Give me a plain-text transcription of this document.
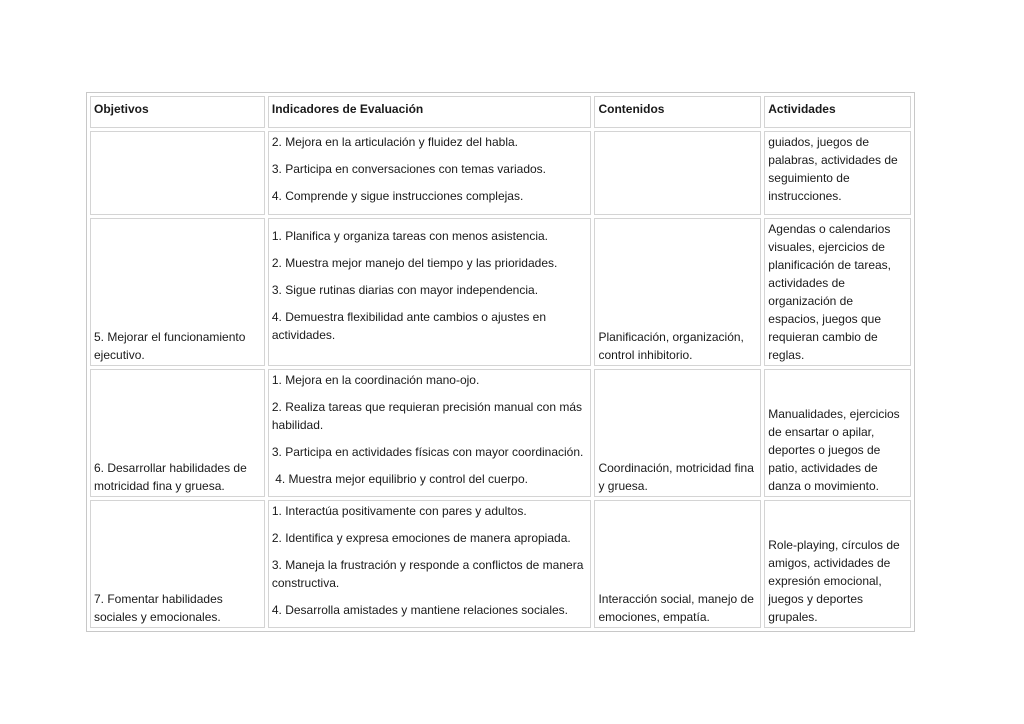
Objetivos	Indicadores de Evaluación	Contenidos	Actividades

	2. Mejora en la articulación y fluidez del habla.
3. Participa en conversaciones con temas variados.
4. Comprende y sigue instrucciones complejas.		guiados, juegos de palabras, actividades de seguimiento de instrucciones.
5. Mejorar el funcionamiento ejecutivo.	1. Planifica y organiza tareas con menos asistencia.
2. Muestra mejor manejo del tiempo y las prioridades.
3. Sigue rutinas diarias con mayor independencia.
4. Demuestra flexibilidad ante cambios o ajustes en actividades.	Planificación, organización, control inhibitorio.	Agendas o calendarios visuales, ejercicios de planificación de tareas, actividades de organización de espacios, juegos que requieran cambio de reglas.
6. Desarrollar habilidades de motricidad fina y gruesa.	1. Mejora en la coordinación mano-ojo.
2. Realiza tareas que requieran precisión manual con más habilidad.
3. Participa en actividades físicas con mayor coordinación.
4. Muestra mejor equilibrio y control del cuerpo.	Coordinación, motricidad fina y gruesa.	Manualidades, ejercicios de ensartar o apilar, deportes o juegos de patio, actividades de danza o movimiento.
7. Fomentar habilidades sociales y emocionales.	1. Interactúa positivamente con pares y adultos.
2. Identifica y expresa emociones de manera apropiada.
3. Maneja la frustración y responde a conflictos de manera constructiva.
4. Desarrolla amistades y mantiene relaciones sociales.	Interacción social, manejo de emociones, empatía.	Role-playing, círculos de amigos, actividades de expresión emocional, juegos y deportes grupales.
